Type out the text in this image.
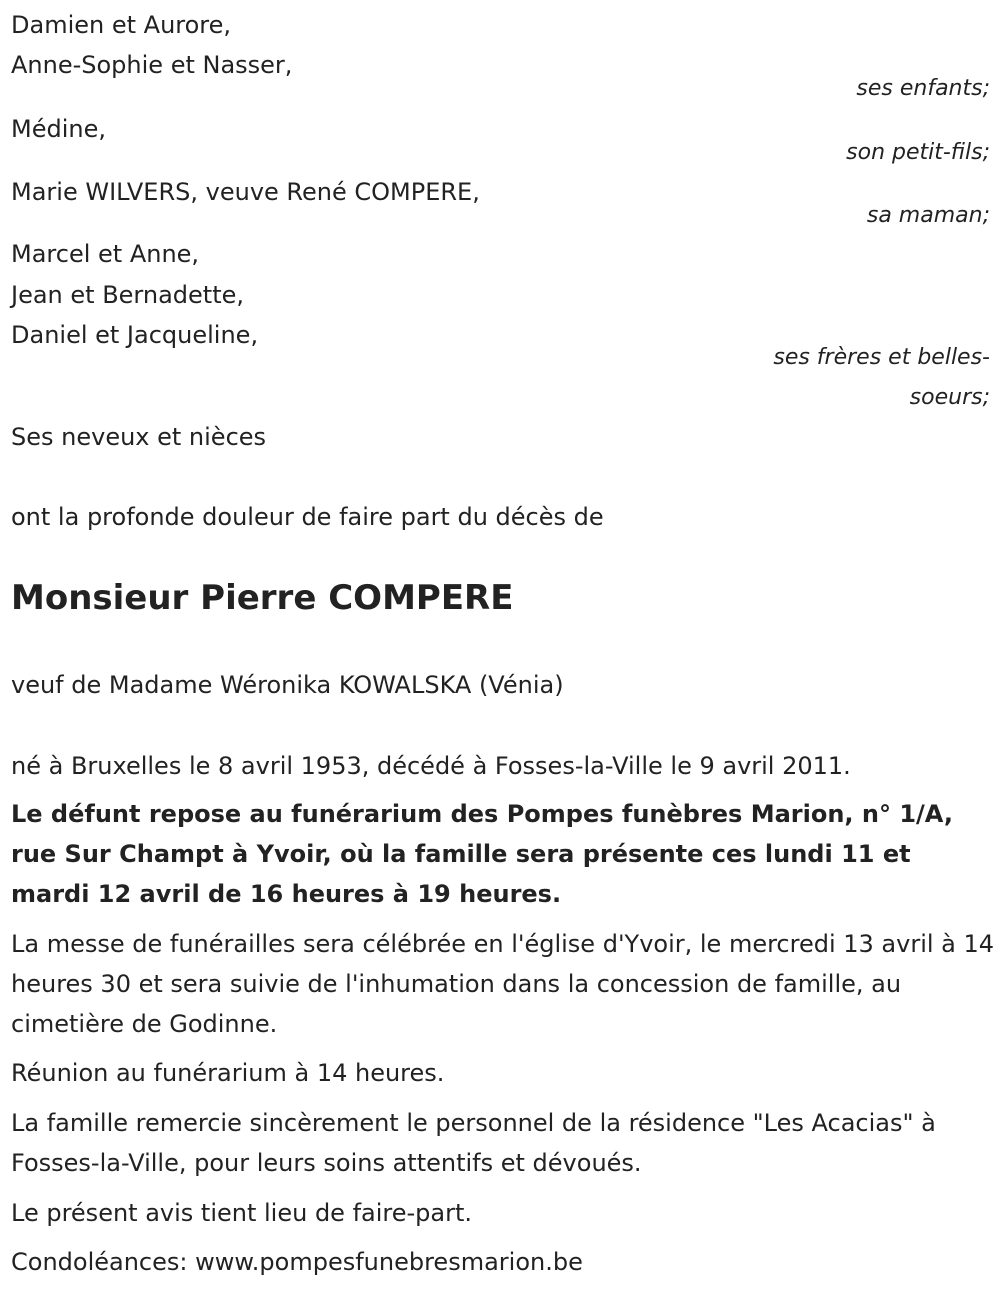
Damien et Aurore,
Anne-Sophie et Nasser,
ses enfants;
Médine,
son petit-fils;
Marie WILVERS, veuve René COMPERE,
sa maman;
Marcel et Anne,
Jean et Bernadette,
Daniel et Jacqueline,
ses frères et belles-
soeurs;
Ses neveux et nièces
ont la profonde douleur de faire part du décès de
Monsieur Pierre COMPERE
veuf de Madame Wéronika KOWALSKA (Vénia)
né à Bruxelles le 8 avril 1953, décédé à Fosses-la-Ville le 9 avril 2011.

Le défunt repose au funérarium des Pompes funèbres Marion, n° 1/A, rue Sur Champt à Yvoir, où la famille sera présente ces lundi 11 et mardi 12 avril de 16 heures à 19 heures.

La messe de funérailles sera célébrée en l'église d'Yvoir, le mercredi 13 avril à 14 heures 30 et sera suivie de l'inhumation dans la concession de famille, au cimetière de Godinne.

Réunion au funérarium à 14 heures.

La famille remercie sincèrement le personnel de la résidence "Les Acacias" à Fosses-la-Ville, pour leurs soins attentifs et dévoués.

Le présent avis tient lieu de faire-part.

Condoléances: www.pompesfunebresmarion.be
